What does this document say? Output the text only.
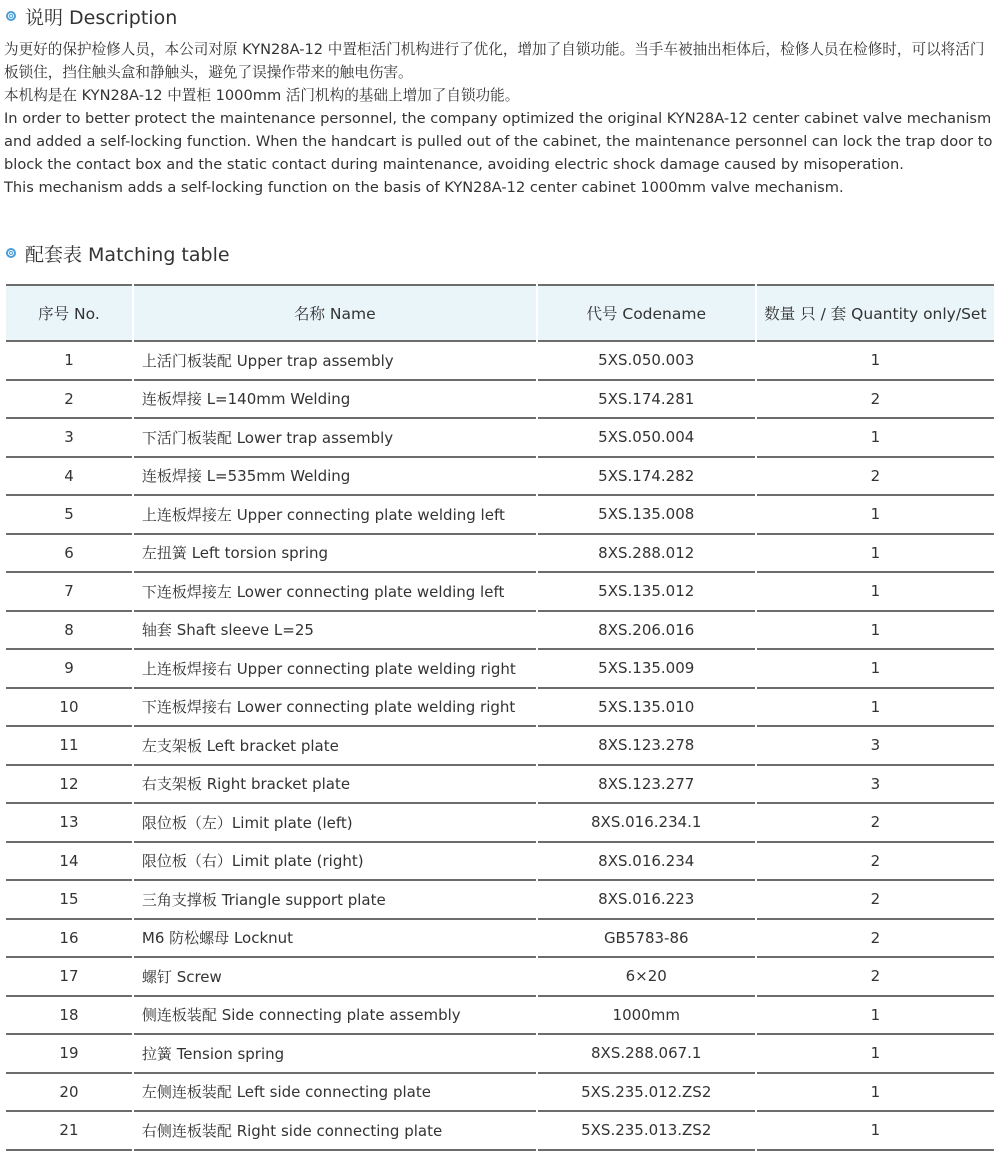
说明 Description

为更好的保护检修人员，本公司对原 KYN28A-12 中置柜活门机构进行了优化，增加了自锁功能。当手车被抽出柜体后，检修人员在检修时，可以将活门板锁住，挡住触头盒和静触头，避免了误操作带来的触电伤害。

本机构是在 KYN28A-12 中置柜 1000mm 活门机构的基础上增加了自锁功能。

In order to better protect the maintenance personnel, the company optimized the original KYN28A-12 center cabinet valve mechanism and added a self-locking function. When the handcart is pulled out of the cabinet, the maintenance personnel can lock the trap door to block the contact box and the static contact during maintenance, avoiding electric shock damage caused by misoperation.

This mechanism adds a self-locking function on the basis of KYN28A-12 center cabinet 1000mm valve mechanism.

配套表 Matching table
序号 No.	名称 Name	代号 Codename	数量 只 / 套 Quantity only/Set
1	上活门板装配 Upper trap assembly	5XS.050.003	1
2	连板焊接 L=140mm Welding	5XS.174.281	2
3	下活门板装配 Lower trap assembly	5XS.050.004	1
4	连板焊接 L=535mm Welding	5XS.174.282	2
5	上连板焊接左 Upper connecting plate welding left	5XS.135.008	1
6	左扭簧 Left torsion spring	8XS.288.012	1
7	下连板焊接左 Lower connecting plate welding left	5XS.135.012	1
8	轴套 Shaft sleeve L=25	8XS.206.016	1
9	上连板焊接右 Upper connecting plate welding right	5XS.135.009	1
10	下连板焊接右 Lower connecting plate welding right	5XS.135.010	1
11	左支架板 Left bracket plate	8XS.123.278	3
12	右支架板 Right bracket plate	8XS.123.277	3
13	限位板（左）Limit plate (left)	8XS.016.234.1	2
14	限位板（右）Limit plate (right)	8XS.016.234	2
15	三角支撑板 Triangle support plate	8XS.016.223	2
16	M6 防松螺母 Locknut	GB5783-86	2
17	螺钉 Screw	6×20	2
18	侧连板装配 Side connecting plate assembly	1000mm	1
19	拉簧 Tension spring	8XS.288.067.1	1
20	左侧连板装配 Left side connecting plate	5XS.235.012.ZS2	1
21	右侧连板装配 Right side connecting plate	5XS.235.013.ZS2	1
